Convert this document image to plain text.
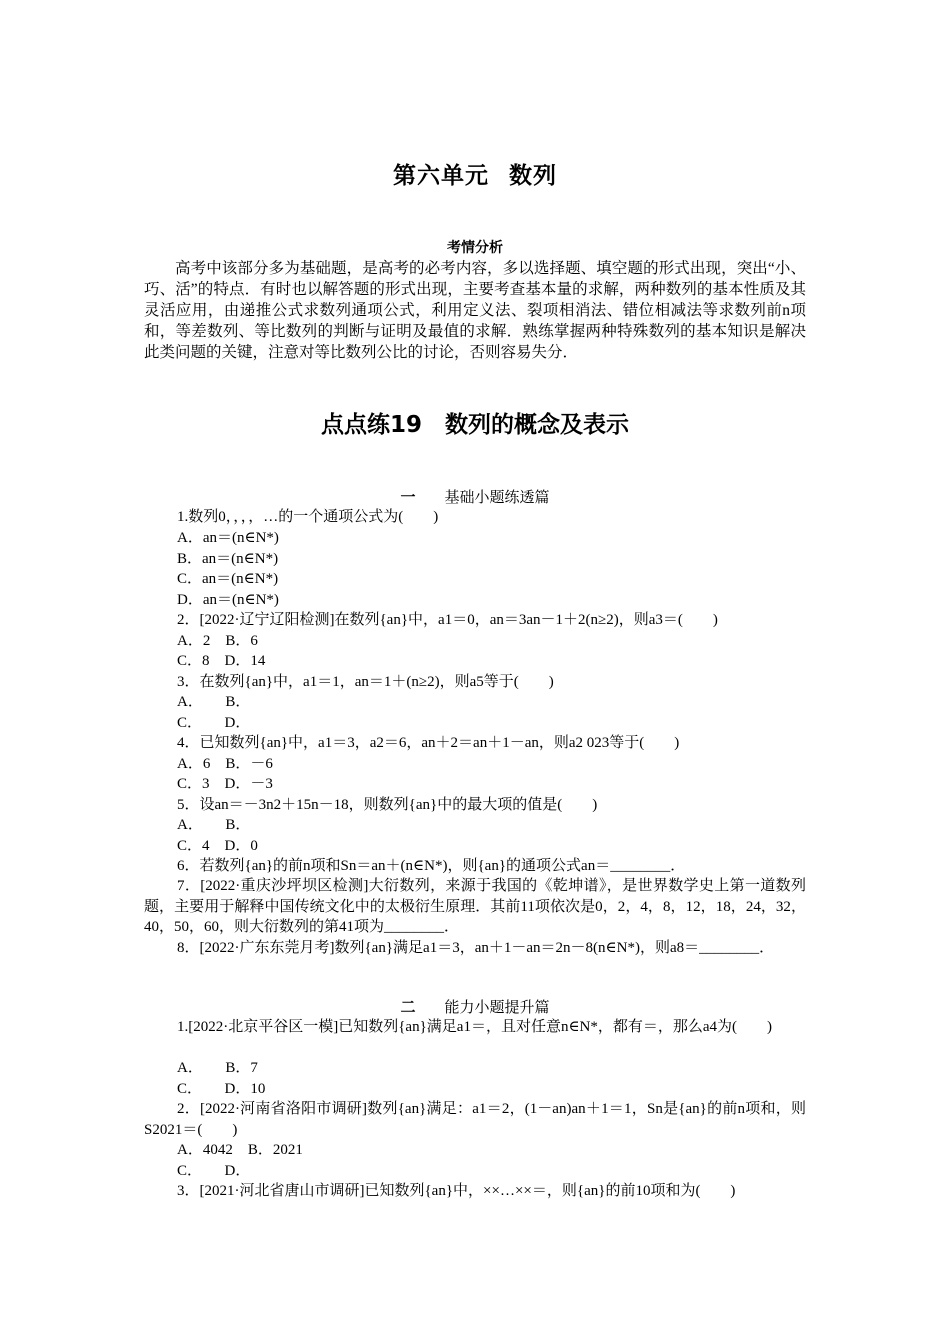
第六单元 数列
考情分析

高考中该部分多为基础题，是高考的必考内容，多以选择题、填空题的形式出现，突出“小、巧、活”的特点．有时也以解答题的形式出现，主要考查基本量的求解，两种数列的基本性质及其灵活应用，由递推公式求数列通项公式，利用定义法、裂项相消法、错位相减法等求数列前n项和，等差数列、等比数列的判断与证明及最值的求解．熟练掌握两种特殊数列的基本知识是解决此类问题的关键，注意对等比数列公比的讨论，否则容易失分．

点点练19　数列的概念及表示
一 基础小题练透篇
1.数列0，，，，…的一个通项公式为(　　)
A．an＝(n∈N*)
B．an＝(n∈N*)
C．an＝(n∈N*)
D．an＝(n∈N*)
2．[2022·辽宁辽阳检测]在数列{an}中，a1＝0，an＝3an－1＋2(n≥2)，则a3＝(　　)
A．2　B．6
C．8　D．14
3．在数列{an}中，a1＝1，an＝1＋(n≥2)，则a5等于(　　)
A．　　B．
C．　　D．
4．已知数列{an}中，a1＝3，a2＝6，an＋2＝an＋1－an，则a2 023等于(　　)
A．6　B．－6
C．3　D．－3
5．设an＝－3n2＋15n－18，则数列{an}中的最大项的值是(　　)
A．　　B．
C．4　D．0
6．若数列{an}的前n项和Sn＝an＋(n∈N*)，则{an}的通项公式an＝________．
7．[2022·重庆沙坪坝区检测]大衍数列，来源于我国的《乾坤谱》，是世界数学史上第一道数列题，主要用于解释中国传统文化中的太极衍生原理．其前11项依次是0，2，4，8，12，18，24，32，40，50，60，则大衍数列的第41项为________．
8．[2022·广东东莞月考]数列{an}满足a1＝3，an＋1－an＝2n－8(n∈N*)，则a8＝________．
二 能力小题提升篇
1.[2022·北京平谷区一模]已知数列{an}满足a1＝，且对任意n∈N*，都有＝，那么a4为(　　)
A．　　B．7
C．　　D．10
2．[2022·河南省洛阳市调研]数列{an}满足：a1＝2，(1－an)an＋1＝1，Sn是{an}的前n项和，则S2021＝(　　)
A．4042　B．2021
C．　　D．
3．[2021·河北省唐山市调研]已知数列{an}中，××…××＝，则{an}的前10项和为(　　)
